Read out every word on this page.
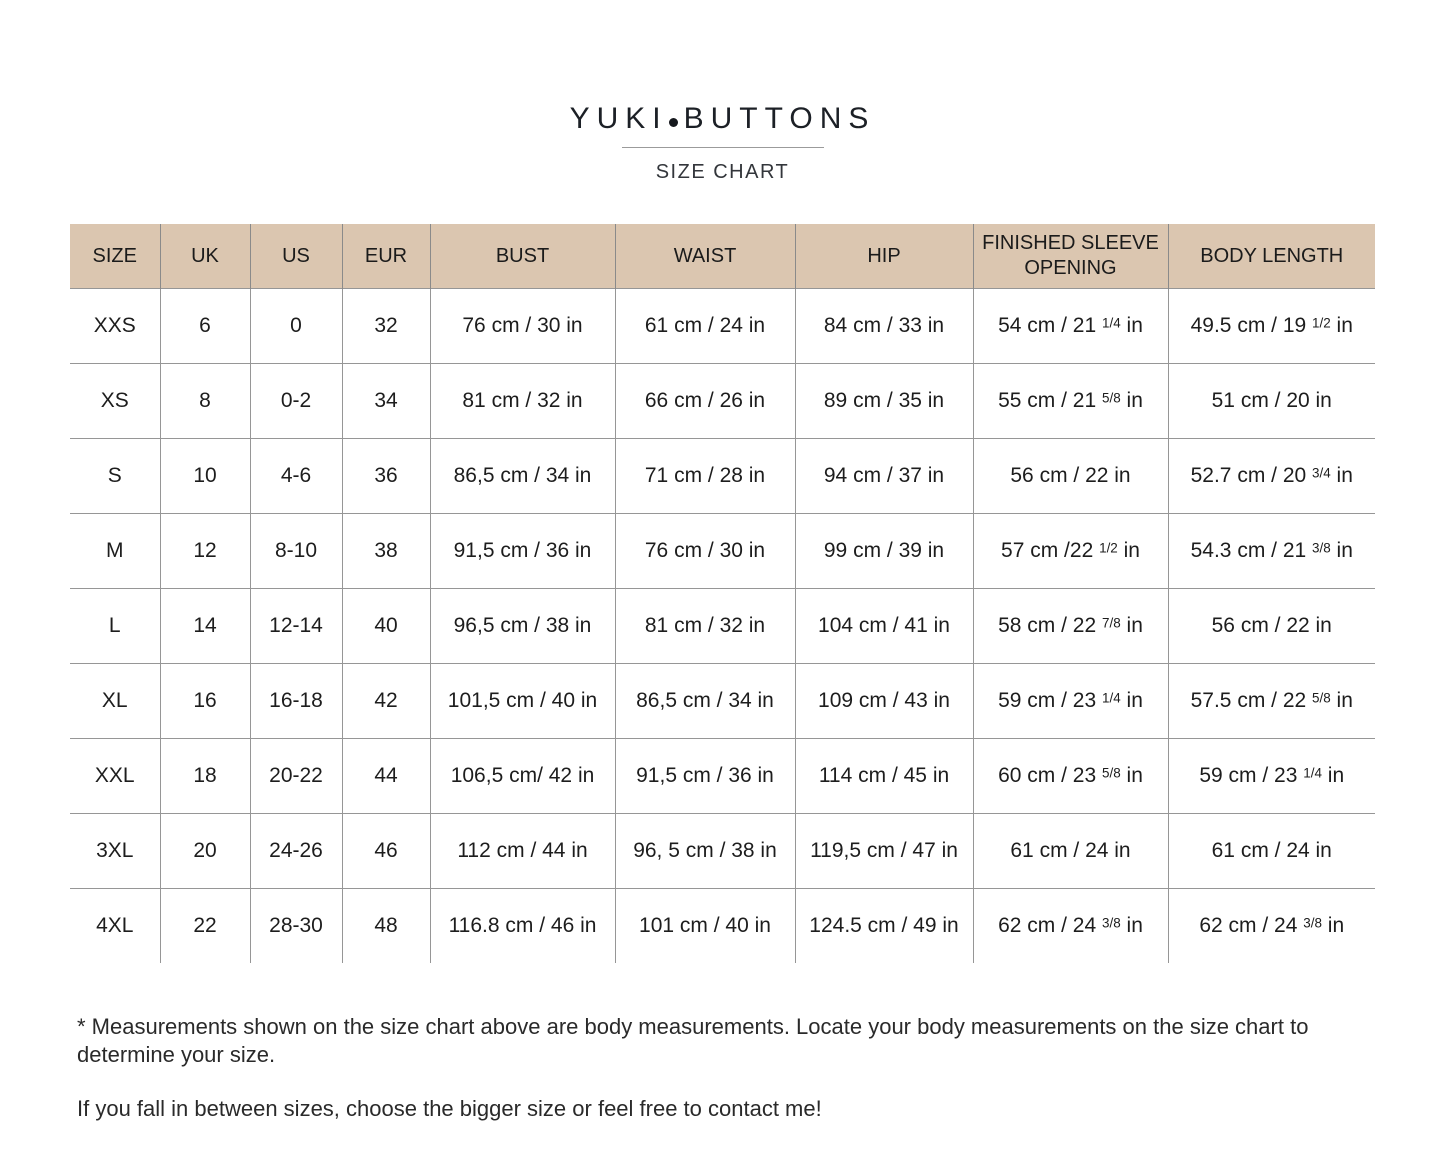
YUKI BUTTONS
SIZE CHART
SIZE	UK	US	EUR	BUST	WAIST	HIP	FINISHED SLEEVE OPENING	BODY LENGTH
XXS	6	0	32	76 cm / 30 in	61 cm / 24 in	84 cm / 33 in	54 cm / 21 $^{1/4}$ in	49.5 cm / 19 $^{1/2}$ in
XS	8	0-2	34	81 cm / 32 in	66 cm / 26 in	89 cm / 35 in	55 cm / 21 $^{5/8}$ in	51 cm / 20 in
S	10	4-6	36	86,5 cm / 34 in	71 cm / 28 in	94 cm / 37 in	56 cm / 22 in	52.7 cm / 20 $^{3/4}$ in
M	12	8-10	38	91,5 cm / 36 in	76 cm / 30 in	99 cm / 39 in	57 cm /22 $^{1/2}$ in	54.3 cm / 21 $^{3/8}$ in
L	14	12-14	40	96,5 cm / 38 in	81 cm / 32 in	104 cm / 41 in	58 cm / 22 $^{7/8}$ in	56 cm / 22 in
XL	16	16-18	42	101,5 cm / 40 in	86,5 cm / 34 in	109 cm / 43 in	59 cm / 23 $^{1/4}$ in	57.5 cm / 22 $^{5/8}$ in
XXL	18	20-22	44	106,5 cm/ 42 in	91,5 cm / 36 in	114 cm / 45 in	60 cm / 23 $^{5/8}$ in	59 cm / 23 $^{1/4}$ in
3XL	20	24-26	46	112 cm / 44 in	96, 5 cm / 38 in	119,5 cm / 47 in	61 cm / 24 in	61 cm / 24 in
4XL	22	28-30	48	116.8 cm / 46 in	101 cm / 40 in	124.5 cm / 49 in	62 cm / 24 $^{3/8}$ in	62 cm / 24 $^{3/8}$ in
* Measurements shown on the size chart above are body measurements. Locate your body measurements on the size chart to determine your size.
If you fall in between sizes, choose the bigger size or feel free to contact me!
